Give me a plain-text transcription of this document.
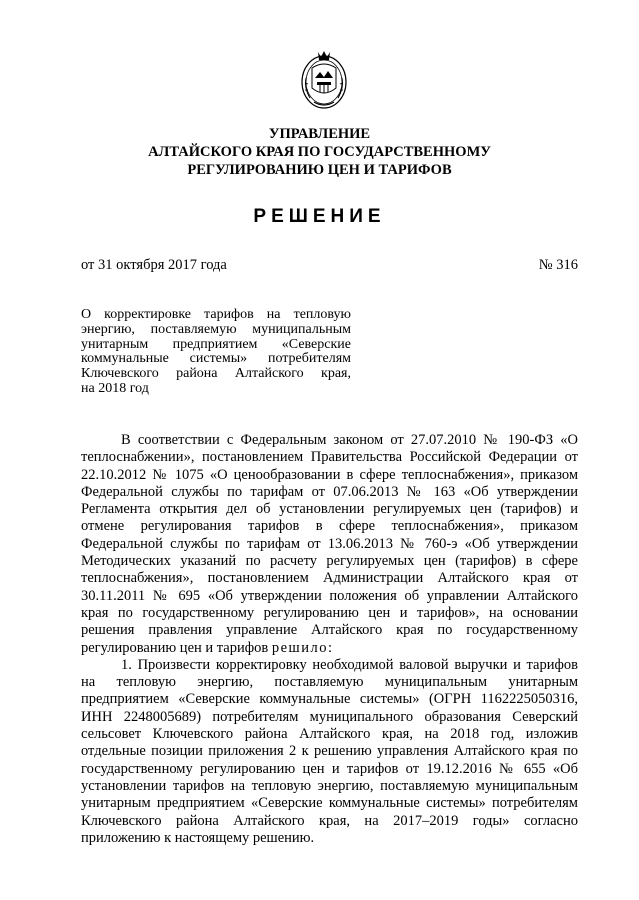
УПРАВЛЕНИЕ
АЛТАЙСКОГО КРАЯ ПО ГОСУДАРСТВЕННОМУ
РЕГУЛИРОВАНИЮ ЦЕН И ТАРИФОВ
РЕШЕНИЕ
от 31 октября 2017 года	№ 316
О корректировке тарифов на тепловую
энергию, поставляемую муниципальным
унитарным предприятием «Северские
коммунальные системы» потребителям
Ключевского района Алтайского края,
на 2018 год
В соответствии с Федеральным законом от 27.07.2010 № 190-ФЗ «О
теплоснабжении», постановлением Правительства Российской Федерации от
22.10.2012 № 1075 «О ценообразовании в сфере теплоснабжения», приказом
Федеральной службы по тарифам от 07.06.2013 № 163 «Об утверждении
Регламента открытия дел об установлении регулируемых цен (тарифов) и
отмене регулирования тарифов в сфере теплоснабжения», приказом
Федеральной службы по тарифам от 13.06.2013 № 760-э «Об утверждении
Методических указаний по расчету регулируемых цен (тарифов) в сфере
теплоснабжения», постановлением Администрации Алтайского края от
30.11.2011 № 695 «Об утверждении положения об управлении Алтайского
края по государственному регулированию цен и тарифов», на основании
решения правления управление Алтайского края по государственному
регулированию цен и тарифов решило:
1. Произвести корректировку необходимой валовой выручки и тарифов
на тепловую энергию, поставляемую муниципальным унитарным
предприятием «Северские коммунальные системы» (ОГРН 1162225050316,
ИНН 2248005689) потребителям муниципального образования Северский
сельсовет Ключевского района Алтайского края, на 2018 год, изложив
отдельные позиции приложения 2 к решению управления Алтайского края по
государственному регулированию цен и тарифов от 19.12.2016 № 655 «Об
установлении тарифов на тепловую энергию, поставляемую муниципальным
унитарным предприятием «Северские коммунальные системы» потребителям
Ключевского района Алтайского края, на 2017–2019 годы» согласно
приложению к настоящему решению.
